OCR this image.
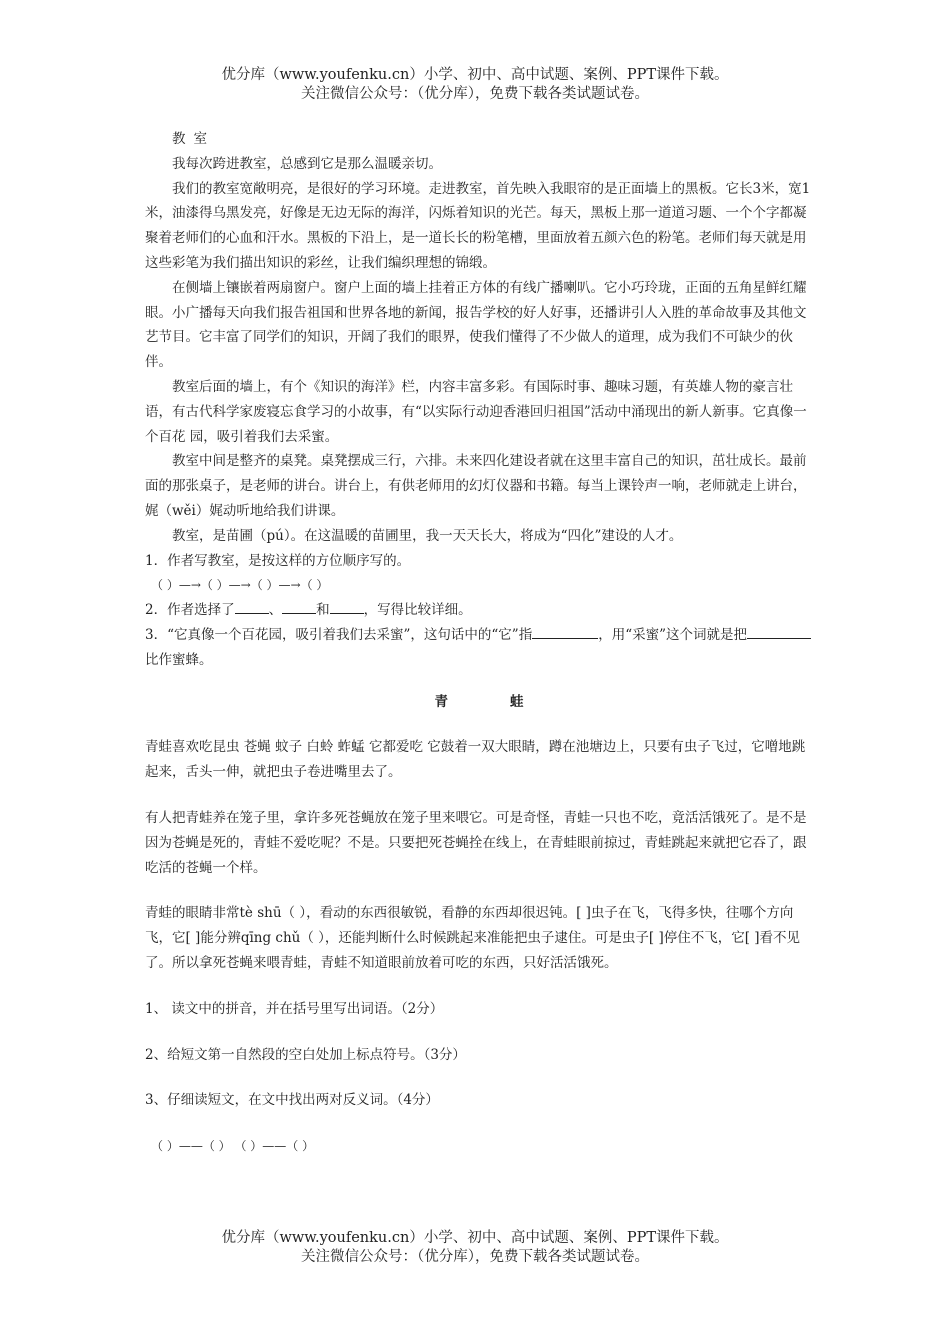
优分库（www.youfenku.cn）小学、初中、高中试题、案例、PPT课件下载。
关注微信公众号：（优分库），免费下载各类试题试卷。
教室

我每次跨进教室，总感到它是那么温暖亲切。

我们的教室宽敞明亮，是很好的学习环境。走进教室，首先映入我眼帘的是正面墙上的黑板。它长3米，宽1米，油漆得乌黑发亮，好像是无边无际的海洋，闪烁着知识的光芒。每天，黑板上那一道道习题、一个个字都凝聚着老师们的心血和汗水。黑板的下沿上，是一道长长的粉笔槽，里面放着五颜六色的粉笔。老师们每天就是用这些彩笔为我们描出知识的彩丝，让我们编织理想的锦缎。

在侧墙上镶嵌着两扇窗户。窗户上面的墙上挂着正方体的有线广播喇叭。它小巧玲珑，正面的五角星鲜红耀眼。小广播每天向我们报告祖国和世界各地的新闻，报告学校的好人好事，还播讲引人入胜的革命故事及其他文艺节目。它丰富了同学们的知识，开阔了我们的眼界，使我们懂得了不少做人的道理，成为我们不可缺少的伙伴。

教室后面的墙上，有个《知识的海洋》栏，内容丰富多彩。有国际时事、趣味习题，有英雄人物的豪言壮语，有古代科学家废寝忘食学习的小故事，有“以实际行动迎香港回归祖国”活动中涌现出的新人新事。它真像一个百花 园，吸引着我们去采蜜。

教室中间是整齐的桌凳。桌凳摆成三行，六排。未来四化建设者就在这里丰富自己的知识，茁壮成长。最前面的那张桌子，是老师的讲台。讲台上，有供老师用的幻灯仪器和书籍。每当上课铃声一响，老师就走上讲台，娓（wěi）娓动听地给我们讲课。

教室，是苗圃（pú）。在这温暖的苗圃里，我一天天长大，将成为“四化”建设的人才。

1．作者写教室，是按这样的方位顺序写的。

（ ）—→（ ）—→（ ）—→（ ）

2．作者选择了	、	和	，写得比较详细。

3．“它真像一个百花园，吸引着我们去采蜜”，这句话中的“它”指	，用“采蜜”这个词就是把比作蜜蜂。

青	蛙

青蛙喜欢吃昆虫 苍蝇 蚊子 白蛉 蚱蜢 它都爱吃 它鼓着一双大眼睛，蹲在池塘边上，只要有虫子飞过，它噌地跳起来，舌头一伸，就把虫子卷进嘴里去了。

有人把青蛙养在笼子里，拿许多死苍蝇放在笼子里来喂它。可是奇怪，青蛙一只也不吃，竟活活饿死了。是不是因为苍蝇是死的，青蛙不爱吃呢？不是。只要把死苍蝇拴在线上，在青蛙眼前掠过，青蛙跳起来就把它吞了，跟吃活的苍蝇一个样。

青蛙的眼睛非常tè shū（ ），看动的东西很敏锐，看静的东西却很迟钝。[ ]虫子在飞，飞得多快，往哪个方向飞，它[ ]能分辨qīng chǔ（ ），还能判断什么时候跳起来准能把虫子逮住。可是虫子[ ]停住不飞，它[ ]看不见了。所以拿死苍蝇来喂青蛙，青蛙不知道眼前放着可吃的东西，只好活活饿死。

1、 读文中的拼音，并在括号里写出词语。（2分）

2、给短文第一自然段的空白处加上标点符号。（3分）

3、仔细读短文，在文中找出两对反义词。（4分）

（ ）——（ ） （ ）——（ ）
优分库（www.youfenku.cn）小学、初中、高中试题、案例、PPT课件下载。
关注微信公众号：（优分库），免费下载各类试题试卷。
